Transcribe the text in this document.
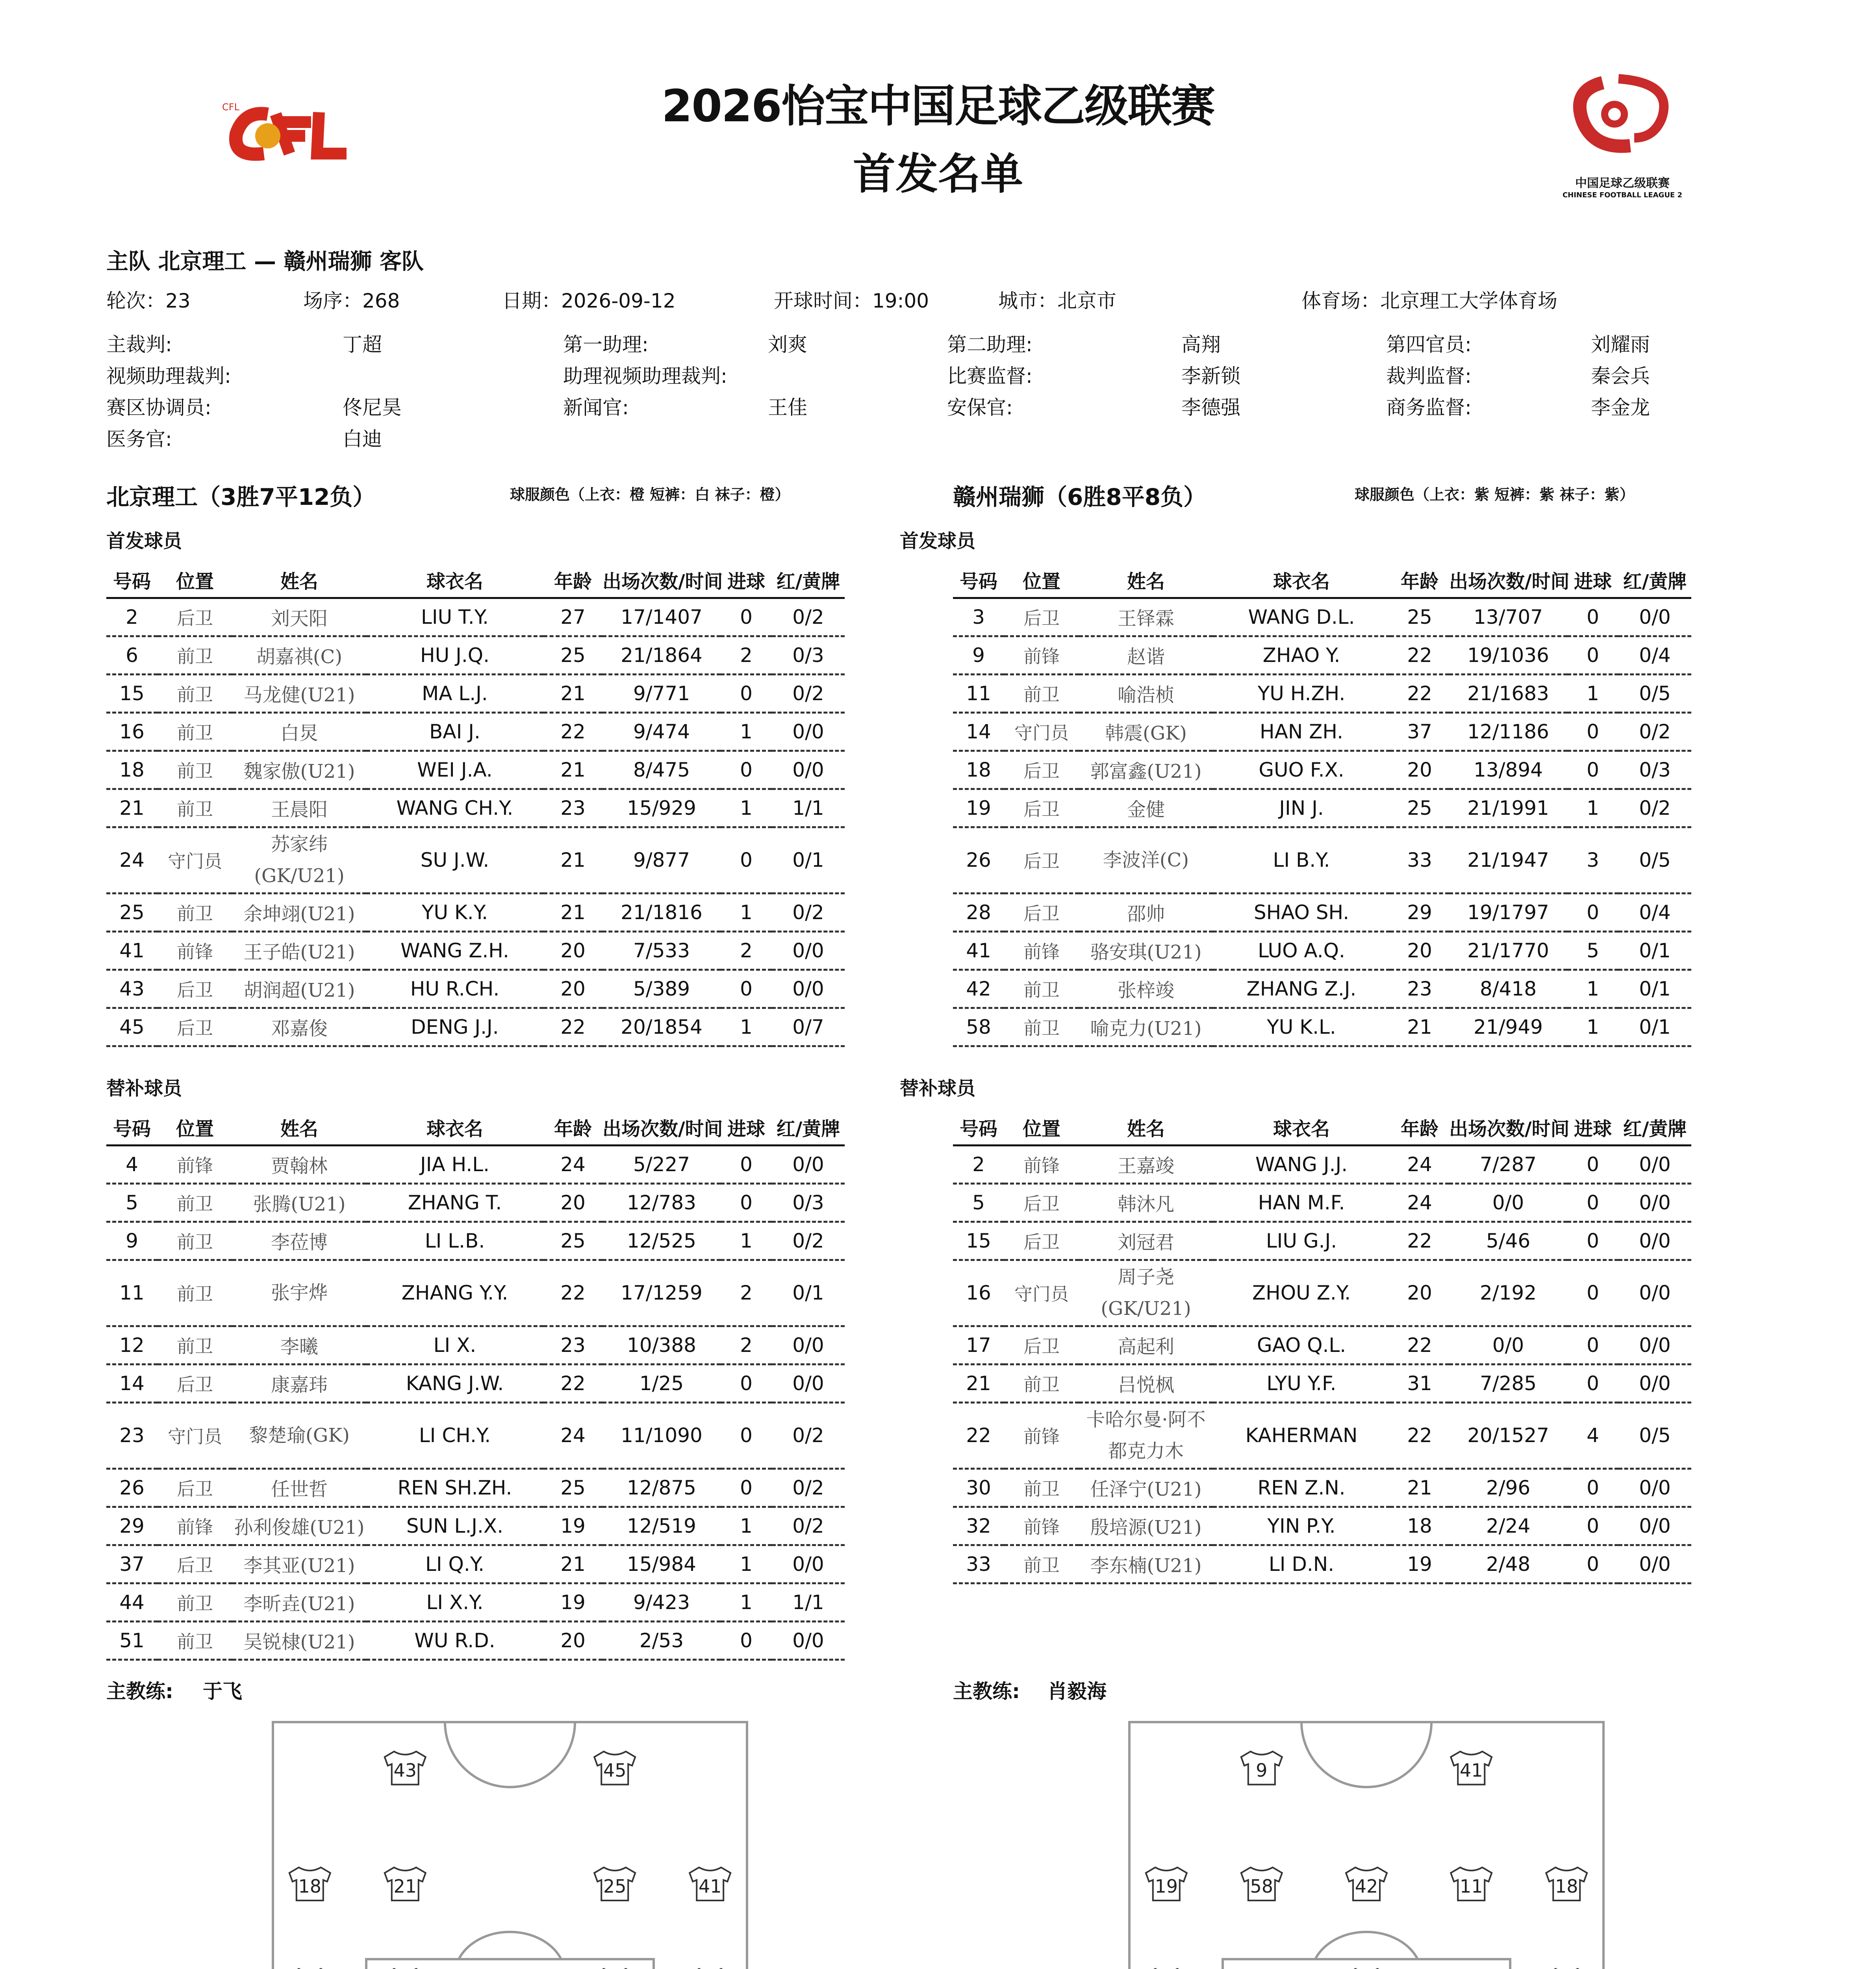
CFL
中国足球乙级联赛
CHINESE FOOTBALL LEAGUE 2
2026怡宝中国足球乙级联赛
首发名单
主队 北京理工 — 赣州瑞狮 客队
轮次：23	场序：268	日期：2026-09-12	开球时间：19:00	城市：北京市	体育场：北京理工大学体育场
主裁判:	丁超	第一助理:	刘爽	第二助理:	高翔	第四官员:	刘耀雨
视频助理裁判:	助理视频助理裁判:	比赛监督:	李新锁	裁判监督:	秦会兵
赛区协调员:	佟尼昊	新闻官:	王佳	安保官:	李德强	商务监督:	李金龙
医务官:	白迪
北京理工（3胜7平12负）	球服颜色（上衣：橙 短裤：白 袜子：橙）	赣州瑞狮（6胜8平8负）	球服颜色（上衣：紫 短裤：紫 袜子：紫）
首发球员	首发球员
号码	位置	姓名	球衣名	年龄	出场次数/时间	进球	红/黄牌
2	后卫	刘天阳	LIU T.Y.	27	17/1407	0	0/2
6	前卫	胡嘉祺(C)	HU J.Q.	25	21/1864	2	0/3
15	前卫	马龙健(U21)	MA L.J.	21	9/771	0	0/2
16	前卫	白炅	BAI J.	22	9/474	1	0/0
18	前卫	魏家傲(U21)	WEI J.A.	21	8/475	0	0/0
21	前卫	王晨阳	WANG CH.Y.	23	15/929	1	1/1
24	守门员	苏家纬(GK/U21)	SU J.W.	21	9/877	0	0/1
25	前卫	余坤翊(U21)	YU K.Y.	21	21/1816	1	0/2
41	前锋	王子皓(U21)	WANG Z.H.	20	7/533	2	0/0
43	后卫	胡润超(U21)	HU R.CH.	20	5/389	0	0/0
45	后卫	邓嘉俊	DENG J.J.	22	20/1854	1	0/7
号码	位置	姓名	球衣名	年龄	出场次数/时间	进球	红/黄牌
3	后卫	王铎霖	WANG D.L.	25	13/707	0	0/0
9	前锋	赵谐	ZHAO Y.	22	19/1036	0	0/4
11	前卫	喻浩桢	YU H.ZH.	22	21/1683	1	0/5
14	守门员	韩震(GK)	HAN ZH.	37	12/1186	0	0/2
18	后卫	郭富鑫(U21)	GUO F.X.	20	13/894	0	0/3
19	后卫	金健	JIN J.	25	21/1991	1	0/2
26	后卫	李波洋(C)	LI B.Y.	33	21/1947	3	0/5
28	后卫	邵帅	SHAO SH.	29	19/1797	0	0/4
41	前锋	骆安琪(U21)	LUO A.Q.	20	21/1770	5	0/1
42	前卫	张梓竣	ZHANG Z.J.	23	8/418	1	0/1
58	前卫	喻克力(U21)	YU K.L.	21	21/949	1	0/1
替补球员	替补球员
号码	位置	姓名	球衣名	年龄	出场次数/时间	进球	红/黄牌
4	前锋	贾翰林	JIA H.L.	24	5/227	0	0/0
5	前卫	张腾(U21)	ZHANG T.	20	12/783	0	0/3
9	前卫	李莅博	LI L.B.	25	12/525	1	0/2
11	前卫	张宇烨	ZHANG Y.Y.	22	17/1259	2	0/1
12	前卫	李曦	LI X.	23	10/388	2	0/0
14	后卫	康嘉玮	KANG J.W.	22	1/25	0	0/0
23	守门员	黎楚瑜(GK)	LI CH.Y.	24	11/1090	0	0/2
26	后卫	任世哲	REN SH.ZH.	25	12/875	0	0/2
29	前锋	孙利俊雄(U21)	SUN L.J.X.	19	12/519	1	0/2
37	后卫	李其亚(U21)	LI Q.Y.	21	15/984	1	0/0
44	前卫	李昕垚(U21)	LI X.Y.	19	9/423	1	1/1
51	前卫	吴锐棣(U21)	WU R.D.	20	2/53	0	0/0
号码	位置	姓名	球衣名	年龄	出场次数/时间	进球	红/黄牌
2	前锋	王嘉竣	WANG J.J.	24	7/287	0	0/0
5	后卫	韩沐凡	HAN M.F.	24	0/0	0	0/0
15	后卫	刘冠君	LIU G.J.	22	5/46	0	0/0
16	守门员	周子尧(GK/U21)	ZHOU Z.Y.	20	2/192	0	0/0
17	后卫	高起利	GAO Q.L.	22	0/0	0	0/0
21	前卫	吕悦枫	LYU Y.F.	31	7/285	0	0/0
22	前锋	卡哈尔曼·阿不都克力木	KAHERMAN	22	20/1527	4	0/5
30	前卫	任泽宁(U21)	REN Z.N.	21	2/96	0	0/0
32	前锋	殷培源(U21)	YIN P.Y.	18	2/24	0	0/0
33	前卫	李东楠(U21)	LI D.N.	19	2/48	0	0/0
主教练: 于飞	主教练: 肖毅海
43	45
18	21	25	41
9	41
19	58	42	11	18
